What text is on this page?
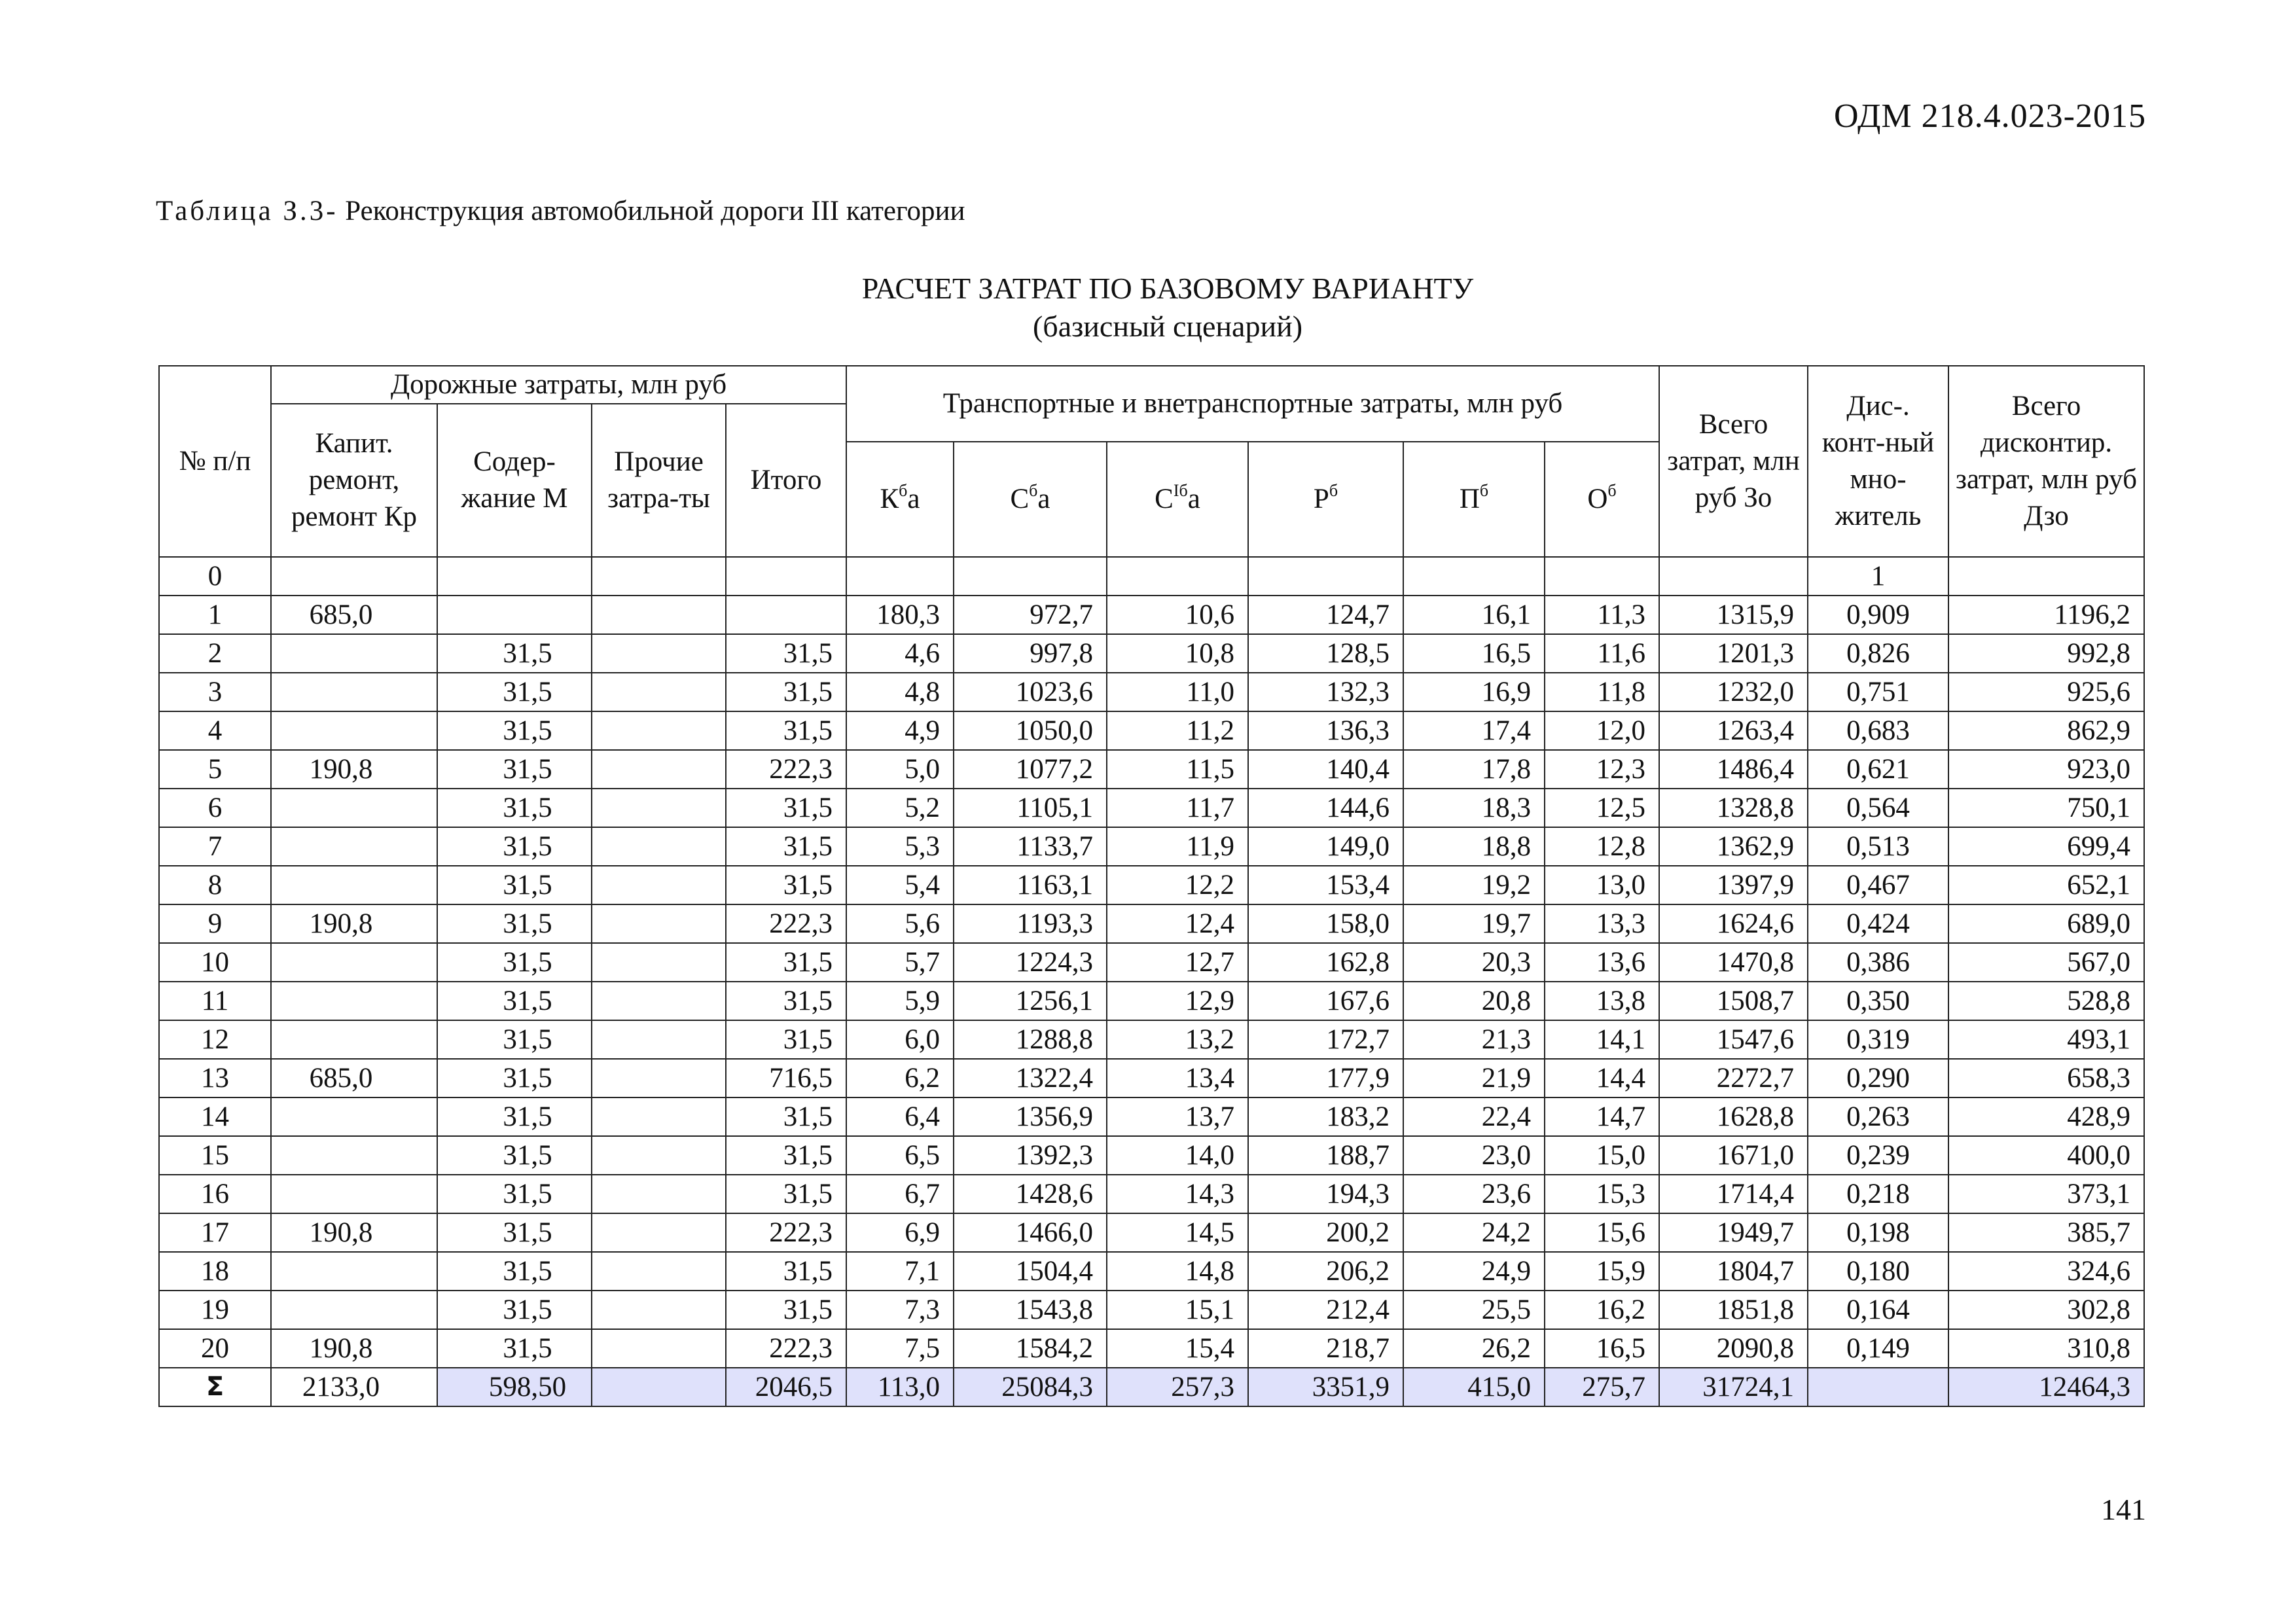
ОДМ 218.4.023-2015
Таблица З.3- Реконструкция автомобильной дороги III категории
РАСЧЕТ ЗАТРАТ ПО БАЗОВОМУ ВАРИАНТУ
(базисный сценарий)
№ п/п	Дорожные затраты, млн руб				Транспортные и внетранспортные затраты, млн руб						Всего затрат, млн руб Зо	Дис-. конт-ный мно-житель	Всего дисконтир. затрат, млн руб Дзо
	Капит. ремонт, ремонт Кр	Содер-жание М	Прочие затра-ты	Итого									
					$К^ба$	$С^ба$	$С^{Iб}а$	$Р^б$	$П^б$	$О^б$
0												1	
1	685,0				180,3	972,7	10,6	124,7	16,1	11,3	1315,9	0,909	1196,2
2		31,5		31,5	4,6	997,8	10,8	128,5	16,5	11,6	1201,3	0,826	992,8
3		31,5		31,5	4,8	1023,6	11,0	132,3	16,9	11,8	1232,0	0,751	925,6
4		31,5		31,5	4,9	1050,0	11,2	136,3	17,4	12,0	1263,4	0,683	862,9
5	190,8	31,5		222,3	5,0	1077,2	11,5	140,4	17,8	12,3	1486,4	0,621	923,0
6		31,5		31,5	5,2	1105,1	11,7	144,6	18,3	12,5	1328,8	0,564	750,1
7		31,5		31,5	5,3	1133,7	11,9	149,0	18,8	12,8	1362,9	0,513	699,4
8		31,5		31,5	5,4	1163,1	12,2	153,4	19,2	13,0	1397,9	0,467	652,1
9	190,8	31,5		222,3	5,6	1193,3	12,4	158,0	19,7	13,3	1624,6	0,424	689,0
10		31,5		31,5	5,7	1224,3	12,7	162,8	20,3	13,6	1470,8	0,386	567,0
11		31,5		31,5	5,9	1256,1	12,9	167,6	20,8	13,8	1508,7	0,350	528,8
12		31,5		31,5	6,0	1288,8	13,2	172,7	21,3	14,1	1547,6	0,319	493,1
13	685,0	31,5		716,5	6,2	1322,4	13,4	177,9	21,9	14,4	2272,7	0,290	658,3
14		31,5		31,5	6,4	1356,9	13,7	183,2	22,4	14,7	1628,8	0,263	428,9
15		31,5		31,5	6,5	1392,3	14,0	188,7	23,0	15,0	1671,0	0,239	400,0
16		31,5		31,5	6,7	1428,6	14,3	194,3	23,6	15,3	1714,4	0,218	373,1
17	190,8	31,5		222,3	6,9	1466,0	14,5	200,2	24,2	15,6	1949,7	0,198	385,7
18		31,5		31,5	7,1	1504,4	14,8	206,2	24,9	15,9	1804,7	0,180	324,6
19		31,5		31,5	7,3	1543,8	15,1	212,4	25,5	16,2	1851,8	0,164	302,8
20	190,8	31,5		222,3	7,5	1584,2	15,4	218,7	26,2	16,5	2090,8	0,149	310,8
Σ	2133,0	598,50		2046,5	113,0	25084,3	257,3	3351,9	415,0	275,7	31724,1		12464,3
141
